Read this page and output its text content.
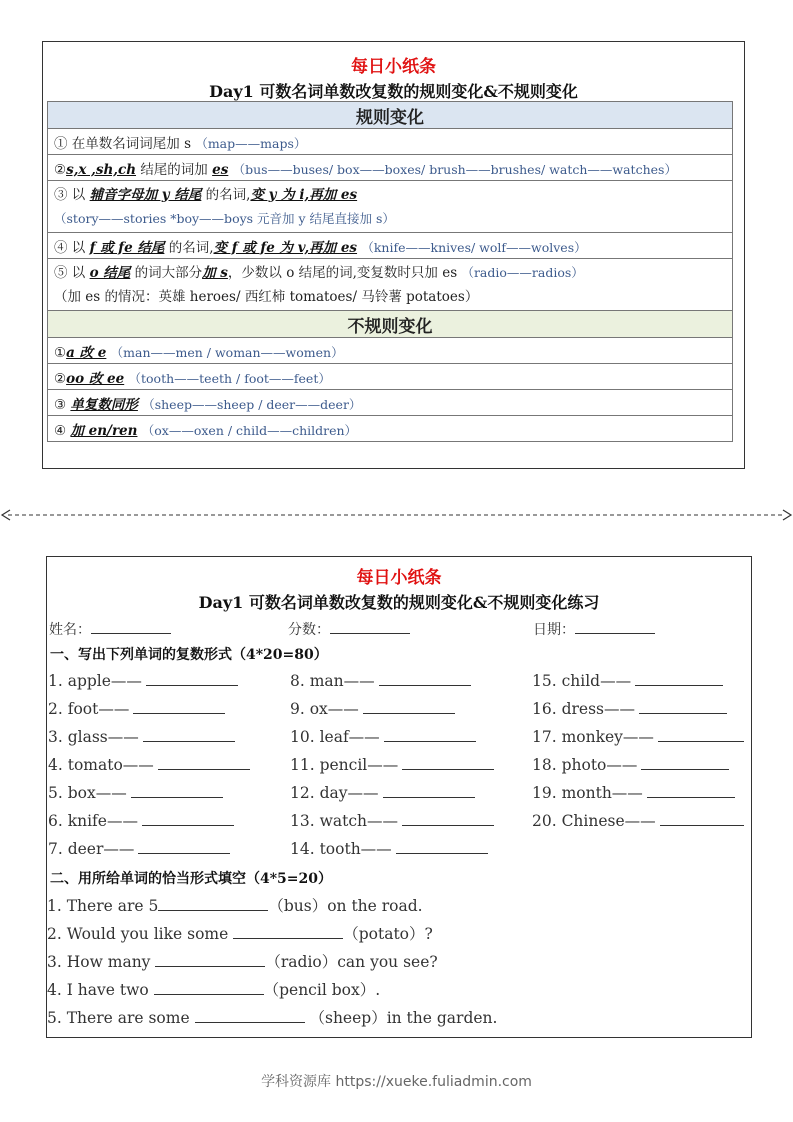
每日小纸条
Day1 可数名词单数改复数的规则变化&不规则变化
规则变化
① 在单数名词词尾加 s （map——maps）
②s,x ,sh,ch 结尾的词加 es （bus——buses/ box——boxes/ brush——brushes/ watch——watches）

③ 以 辅音字母加 y 结尾 的名词,变 y 为 i,再加 es
（story——stories *boy——boys 元音加 y 结尾直接加 s）

④ 以 f 或 fe 结尾 的名词,变 f 或 fe 为 v,再加 es （knife——knives/ wolf——wolves）

⑤ 以 o 结尾 的词大部分加 s，少数以 o 结尾的词,变复数时只加 es （radio——radios）
（加 es 的情况：英雄 heroes/ 西红柿 tomatoes/ 马铃薯 potatoes）

不规则变化
①a 改 e （man——men / woman——women）
②oo 改 ee （tooth——teeth / foot——feet）
③ 单复数同形 （sheep——sheep / deer——deer）
④ 加 en/ren （ox——oxen / child——children）
每日小纸条
Day1 可数名词单数改复数的规则变化&不规则变化练习
姓名：	分数：	日期：
一、写出下列单词的复数形式（4*20=80）
1. apple——
2. foot——
3. glass——
4. tomato——
5. box——
6. knife——
7. deer——
8. man——
9. ox——
10. leaf——
11. pencil——
12. day——
13. watch——
14. tooth——
15. child——
16. dress——
17. monkey——
18. photo——
19. month——
20. Chinese——
二、用所给单词的恰当形式填空（4*5=20）
1. There are 5	（bus）on the road.
2. Would you like some	（potato）?
3. How many	（radio）can you see?
4. I have two	（pencil box）.
5. There are some	（sheep）in the garden.
学科资源库 https://xueke.fuliadmin.com
